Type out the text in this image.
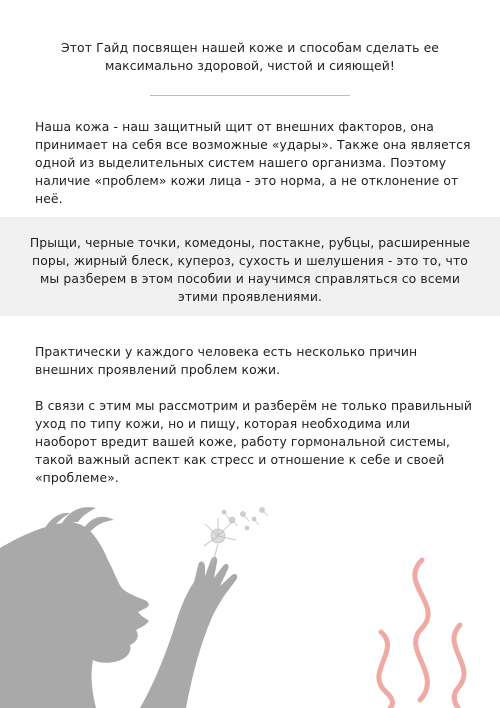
Этот Гайд посвящен нашей коже и способам сделать ее максимально здоровой, чистой и сияющей!
Наша кожа - наш защитный щит от внешних факторов, она принимает на себя все возможные «удары». Также она является одной из выделительных систем нашего организма. Поэтому наличие «проблем» кожи лица - это норма, а не отклонение от неё.
Прыщи, черные точки, комедоны, постакне, рубцы, расширенные поры, жирный блеск, купероз, сухость и шелушения - это то, что мы разберем в этом пособии и научимся справляться со всеми этими проявлениями.
Практически у каждого человека есть несколько причин внешних проявлений проблем кожи.
В связи с этим мы рассмотрим и разберём не только правильный уход по типу кожи, но и пищу, которая необходима или наоборот вредит вашей коже, работу гормональной системы, такой важный аспект как стресс и отношение к себе и своей «проблеме».
